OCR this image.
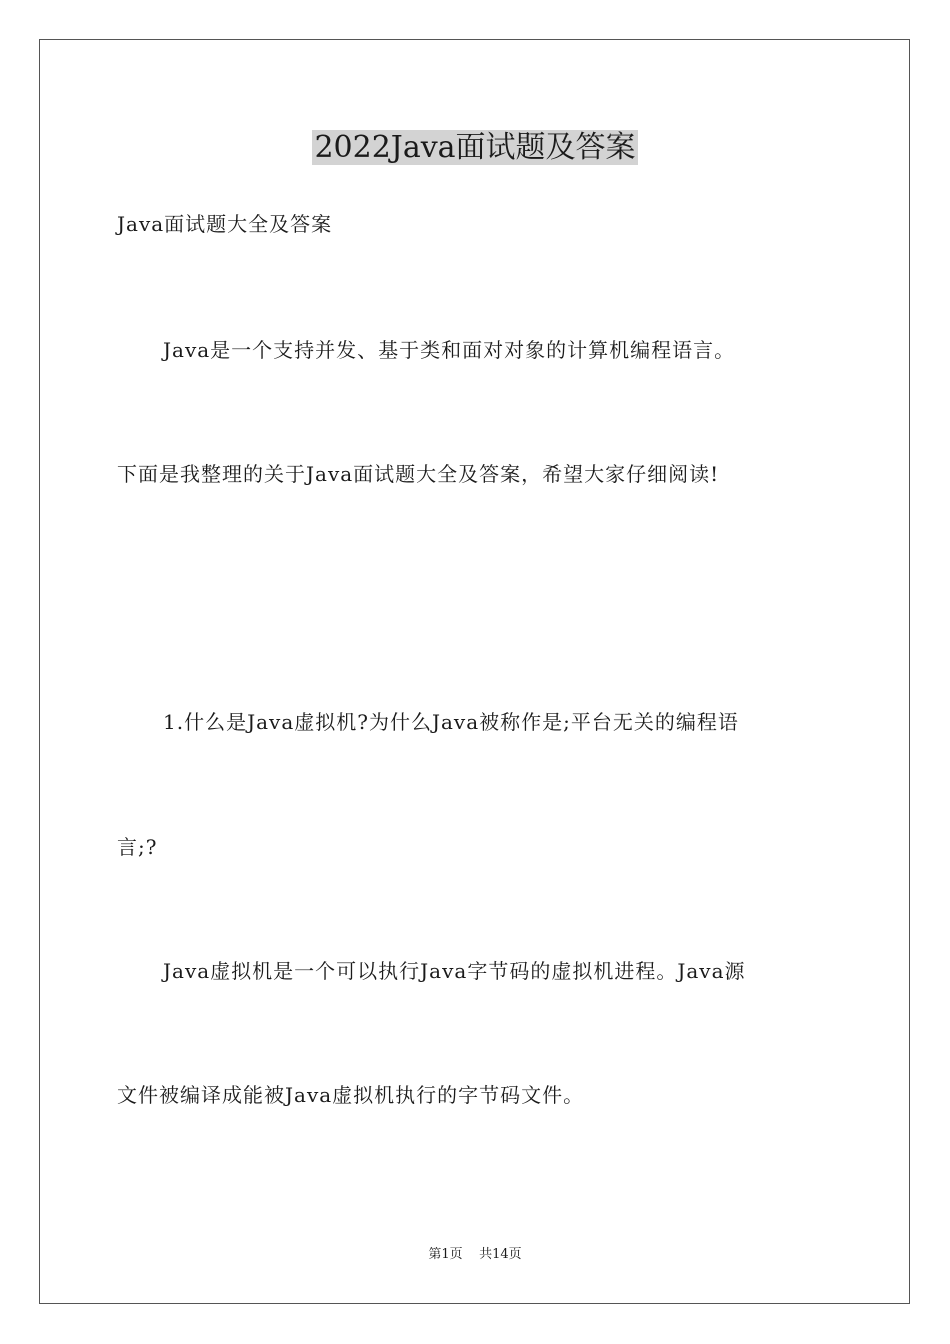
2022Java面试题及答案
Java面试题大全及答案
Java是一个支持并发、基于类和面对对象的计算机编程语言。
下面是我整理的关于Java面试题大全及答案，希望大家仔细阅读!
1.什么是Java虚拟机?为什么Java被称作是;平台无关的编程语
言;?
Java虚拟机是一个可以执行Java字节码的虚拟机进程。Java源
文件被编译成能被Java虚拟机执行的字节码文件。
第1页    共14页
